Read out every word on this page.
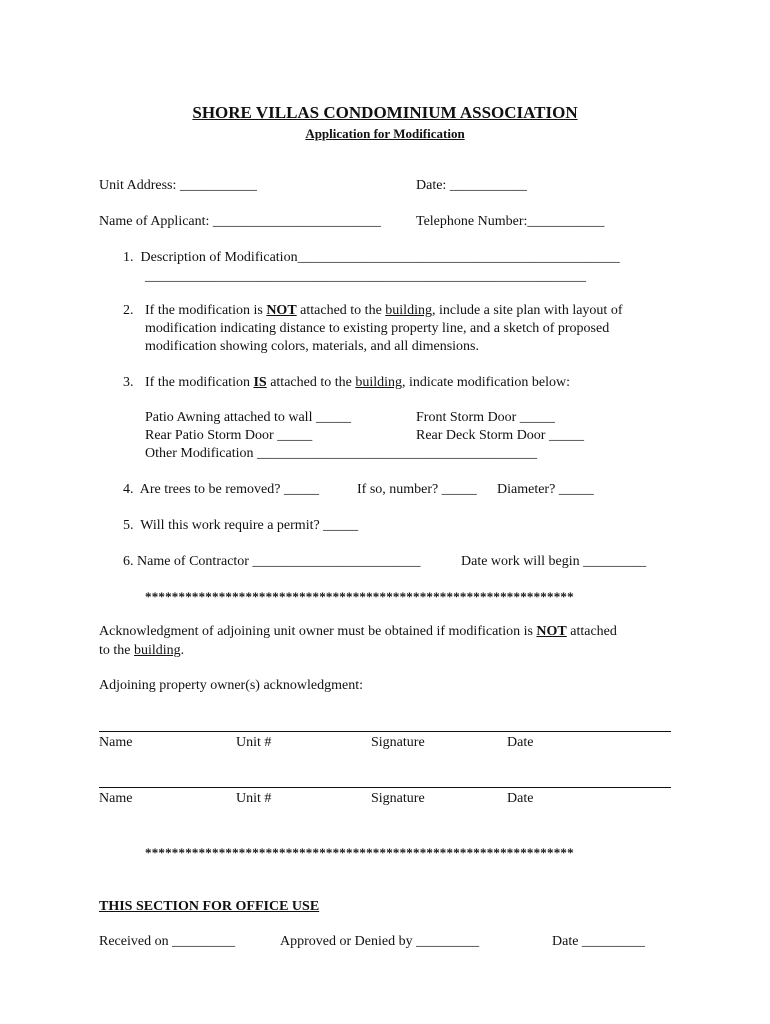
SHORE VILLAS CONDOMINIUM ASSOCIATION
Application for Modification
Unit Address: ___________	Date: ___________
Name of Applicant: ________________________	Telephone Number:___________
1.  Description of Modification______________________________________________
_______________________________________________________________
2. If the modification is NOT attached to the building, include a site plan with layout of
modification indicating distance to existing property line, and a sketch of proposed
modification showing colors, materials, and all dimensions.
3. If the modification IS attached to the building, indicate modification below:
Patio Awning attached to wall _____	Front Storm Door _____
Rear Patio Storm Door _____	Rear Deck Storm Door _____
Other Modification ________________________________________
4.  Are trees to be removed? _____	If so, number? _____ Diameter? _____
5.  Will this work require a permit? _____
6. Name of Contractor ________________________	Date work will begin _________
****************************************************************
Acknowledgment of adjoining unit owner must be obtained if modification is NOT attached
to the building.
Adjoining property owner(s) acknowledgment:
Name	Unit #	Signature	Date
Name	Unit #	Signature	Date
****************************************************************
THIS SECTION FOR OFFICE USE
Received on _________	Approved or Denied by _________	Date _________
